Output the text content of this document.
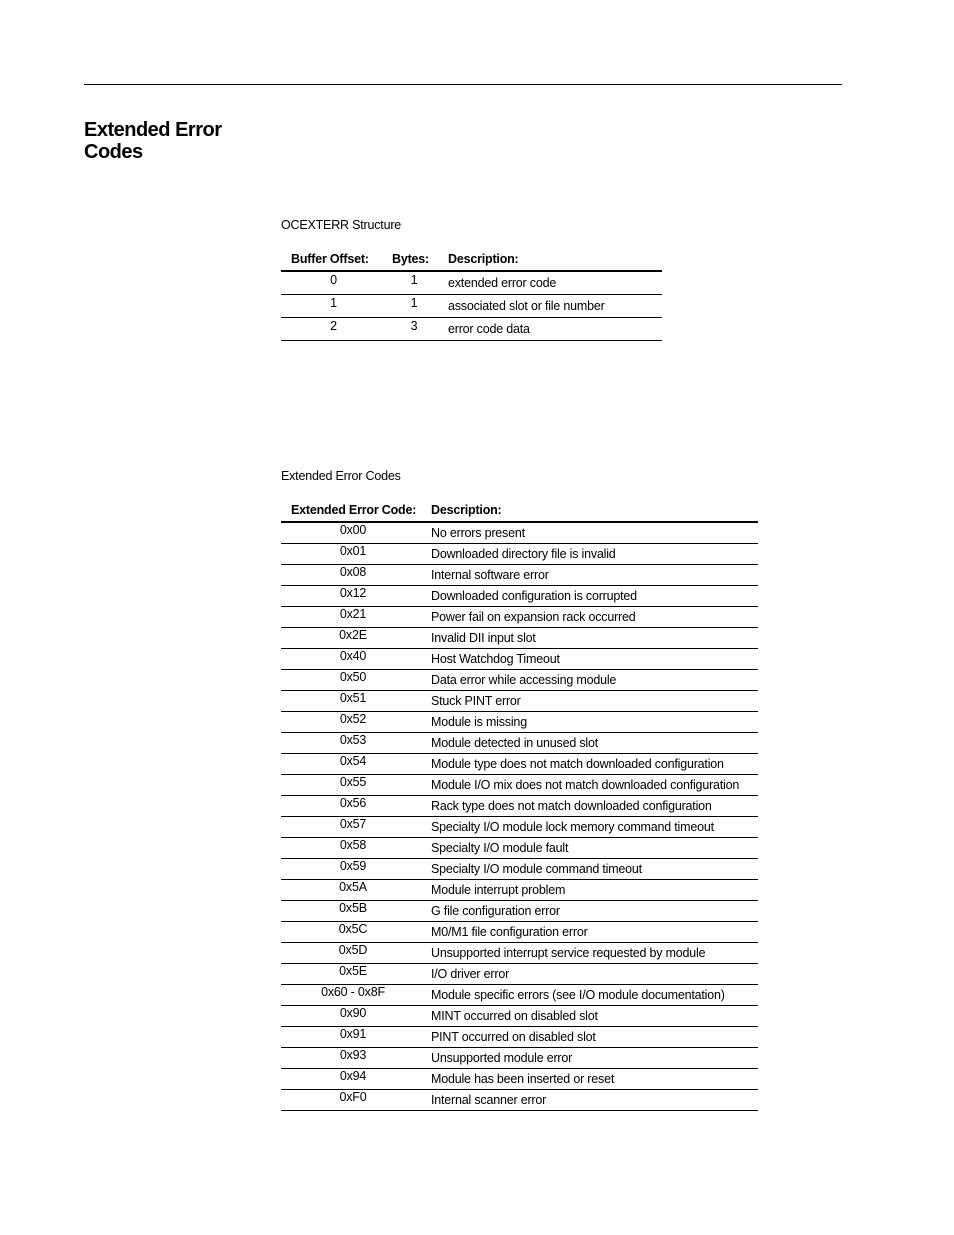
Extended Error Codes
OCEXTERR Structure
Buffer Offset:	Bytes:	Description:
0	1	extended error code
1	1	associated slot or file number
2	3	error code data
Extended Error Codes
Extended Error Code:	Description:
0x00	No errors present
0x01	Downloaded directory file is invalid
0x08	Internal software error
0x12	Downloaded configuration is corrupted
0x21	Power fail on expansion rack occurred
0x2E	Invalid DII input slot
0x40	Host Watchdog Timeout
0x50	Data error while accessing module
0x51	Stuck PINT error
0x52	Module is missing
0x53	Module detected in unused slot
0x54	Module type does not match downloaded configuration
0x55	Module I/O mix does not match downloaded configuration
0x56	Rack type does not match downloaded configuration
0x57	Specialty I/O module lock memory command timeout
0x58	Specialty I/O module fault
0x59	Specialty I/O module command timeout
0x5A	Module interrupt problem
0x5B	G file configuration error
0x5C	M0/M1 file configuration error
0x5D	Unsupported interrupt service requested by module
0x5E	I/O driver error
0x60 - 0x8F	Module specific errors (see I/O module documentation)
0x90	MINT occurred on disabled slot
0x91	PINT occurred on disabled slot
0x93	Unsupported module error
0x94	Module has been inserted or reset
0xF0	Internal scanner error
